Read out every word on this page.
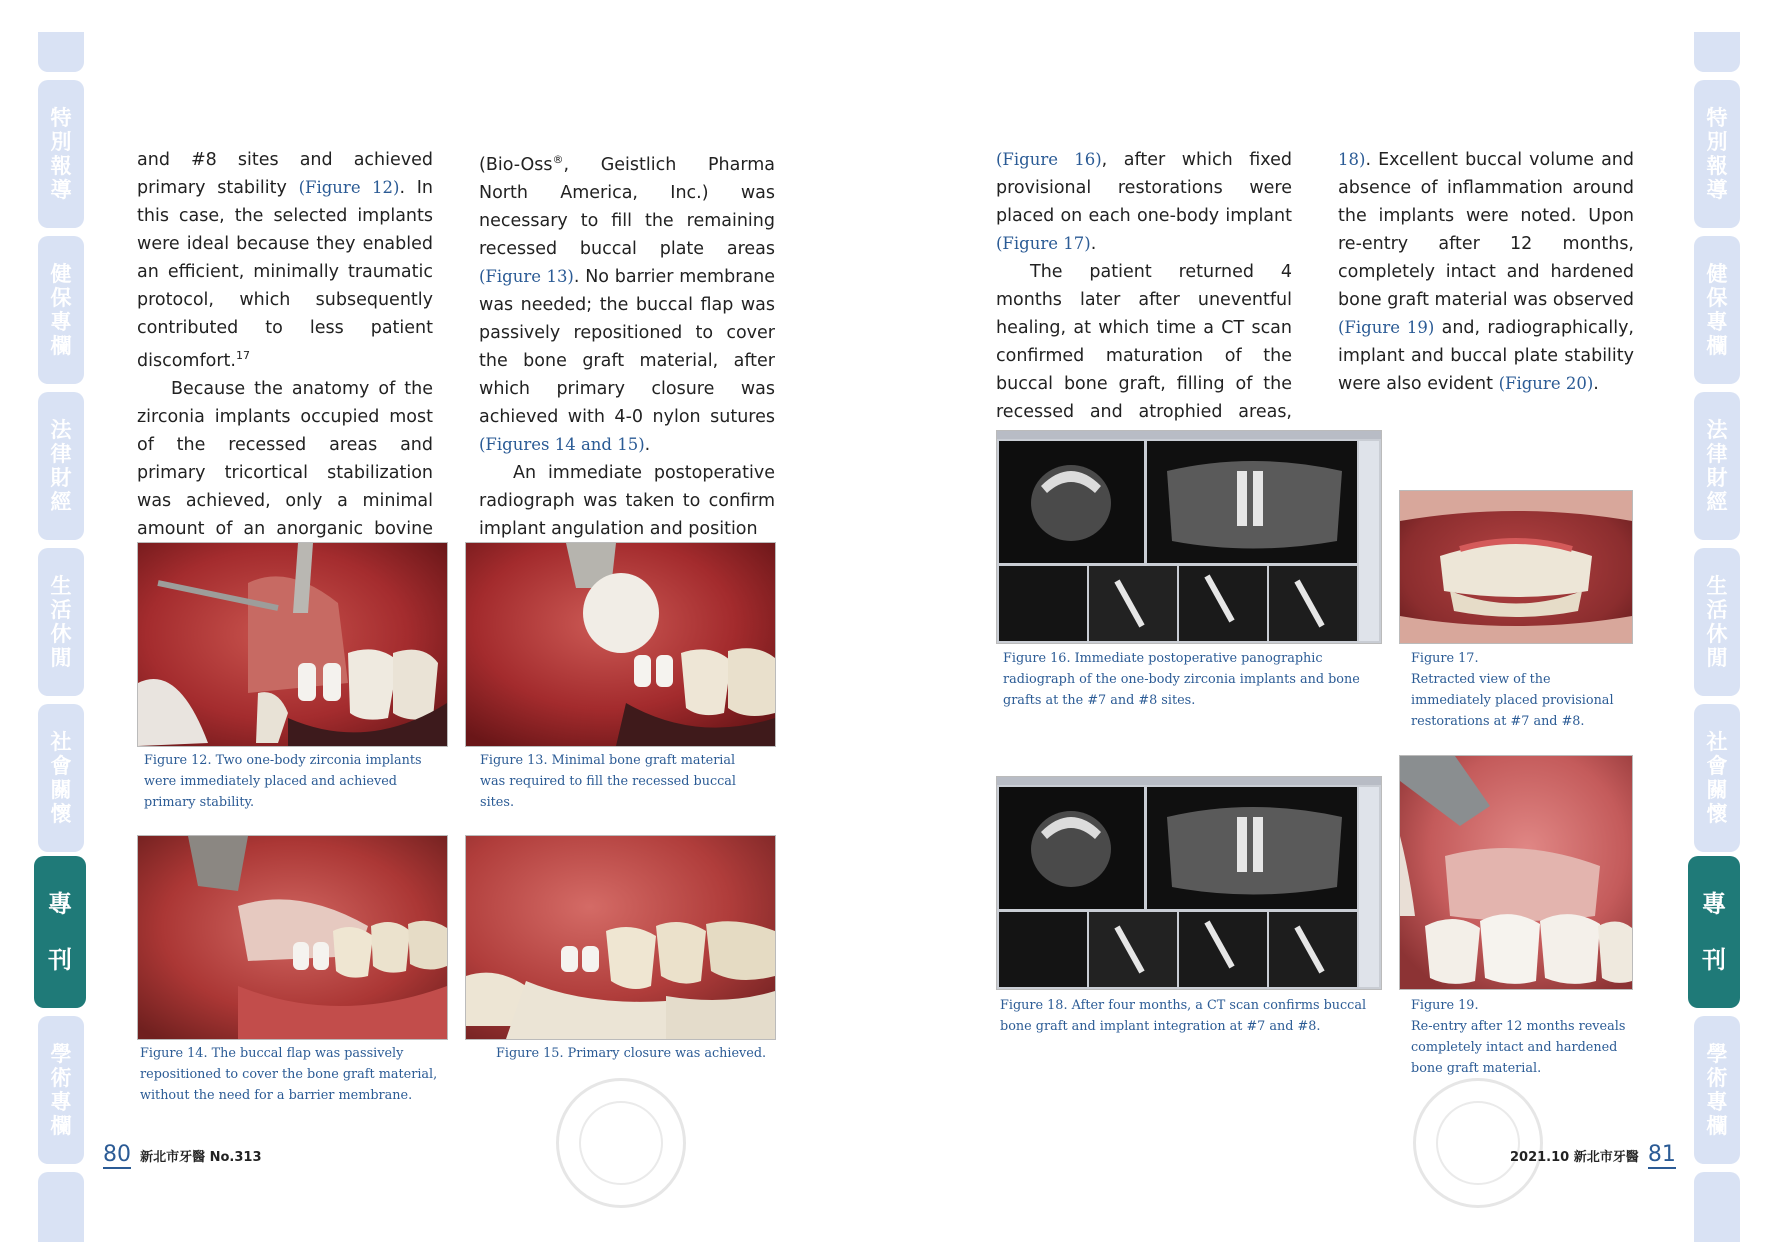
特
別
報
導
健
保
專
欄
法
律
財
經
生
活
休
閒
社
會
關
懷
專
刊
學
術
專
欄
特
別
報
導
健
保
專
欄
法
律
財
經
生
活
休
閒
社
會
關
懷
專
刊
學
術
專
欄

and #8 sites and achieved primary stability (Figure 12). In this case, the selected implants were ideal because they enabled an efficient, minimally traumatic protocol, which subsequently contributed to less patient discomfort.$^{17}$

Because the anatomy of the zirconia implants occupied most of the recessed areas and primary tricortical stabilization was achieved, only a minimal amount of an anorganic bovine

(Bio-Oss®, Geistlich Pharma North America, Inc.) was necessary to fill the remaining recessed buccal plate areas (Figure 13). No barrier membrane was needed; the buccal flap was passively repositioned to cover the bone graft material, after which primary closure was achieved with 4-0 nylon sutures (Figures 14 and 15).

An immediate postoperative radiograph was taken to confirm implant angulation and position

Figure 12. Two one-body zirconia implants were immediately placed and achieved primary stability.
Figure 13. Minimal bone graft material was required to fill the recessed buccal sites.
Figure 14. The buccal flap was passively repositioned to cover the bone graft material, without the need for a barrier membrane.
Figure 15. Primary closure was achieved.
80 新北市牙醫 No.313

(Figure 16), after which fixed provisional restorations were placed on each one-body implant (Figure 17).

The patient returned 4 months later after uneventful healing, at which time a CT scan confirmed maturation of the buccal bone graft, filling of the recessed and atrophied areas,

18). Excellent buccal volume and absence of inflammation around the implants were noted. Upon re-entry after 12 months, completely intact and hardened bone graft material was observed (Figure 19) and, radiographically, implant and buccal plate stability were also evident (Figure 20).

Figure 16. Immediate postoperative panographic radiograph of the one-body zirconia implants and bone grafts at the #7 and #8 sites.
Figure 17.
Retracted view of the immediately placed provisional restorations at #7 and #8.
Figure 18. After four months, a CT scan confirms buccal bone graft and implant integration at #7 and #8.
Figure 19.
Re-entry after 12 months reveals completely intact and hardened bone graft material.
2021.10 新北市牙醫 81
